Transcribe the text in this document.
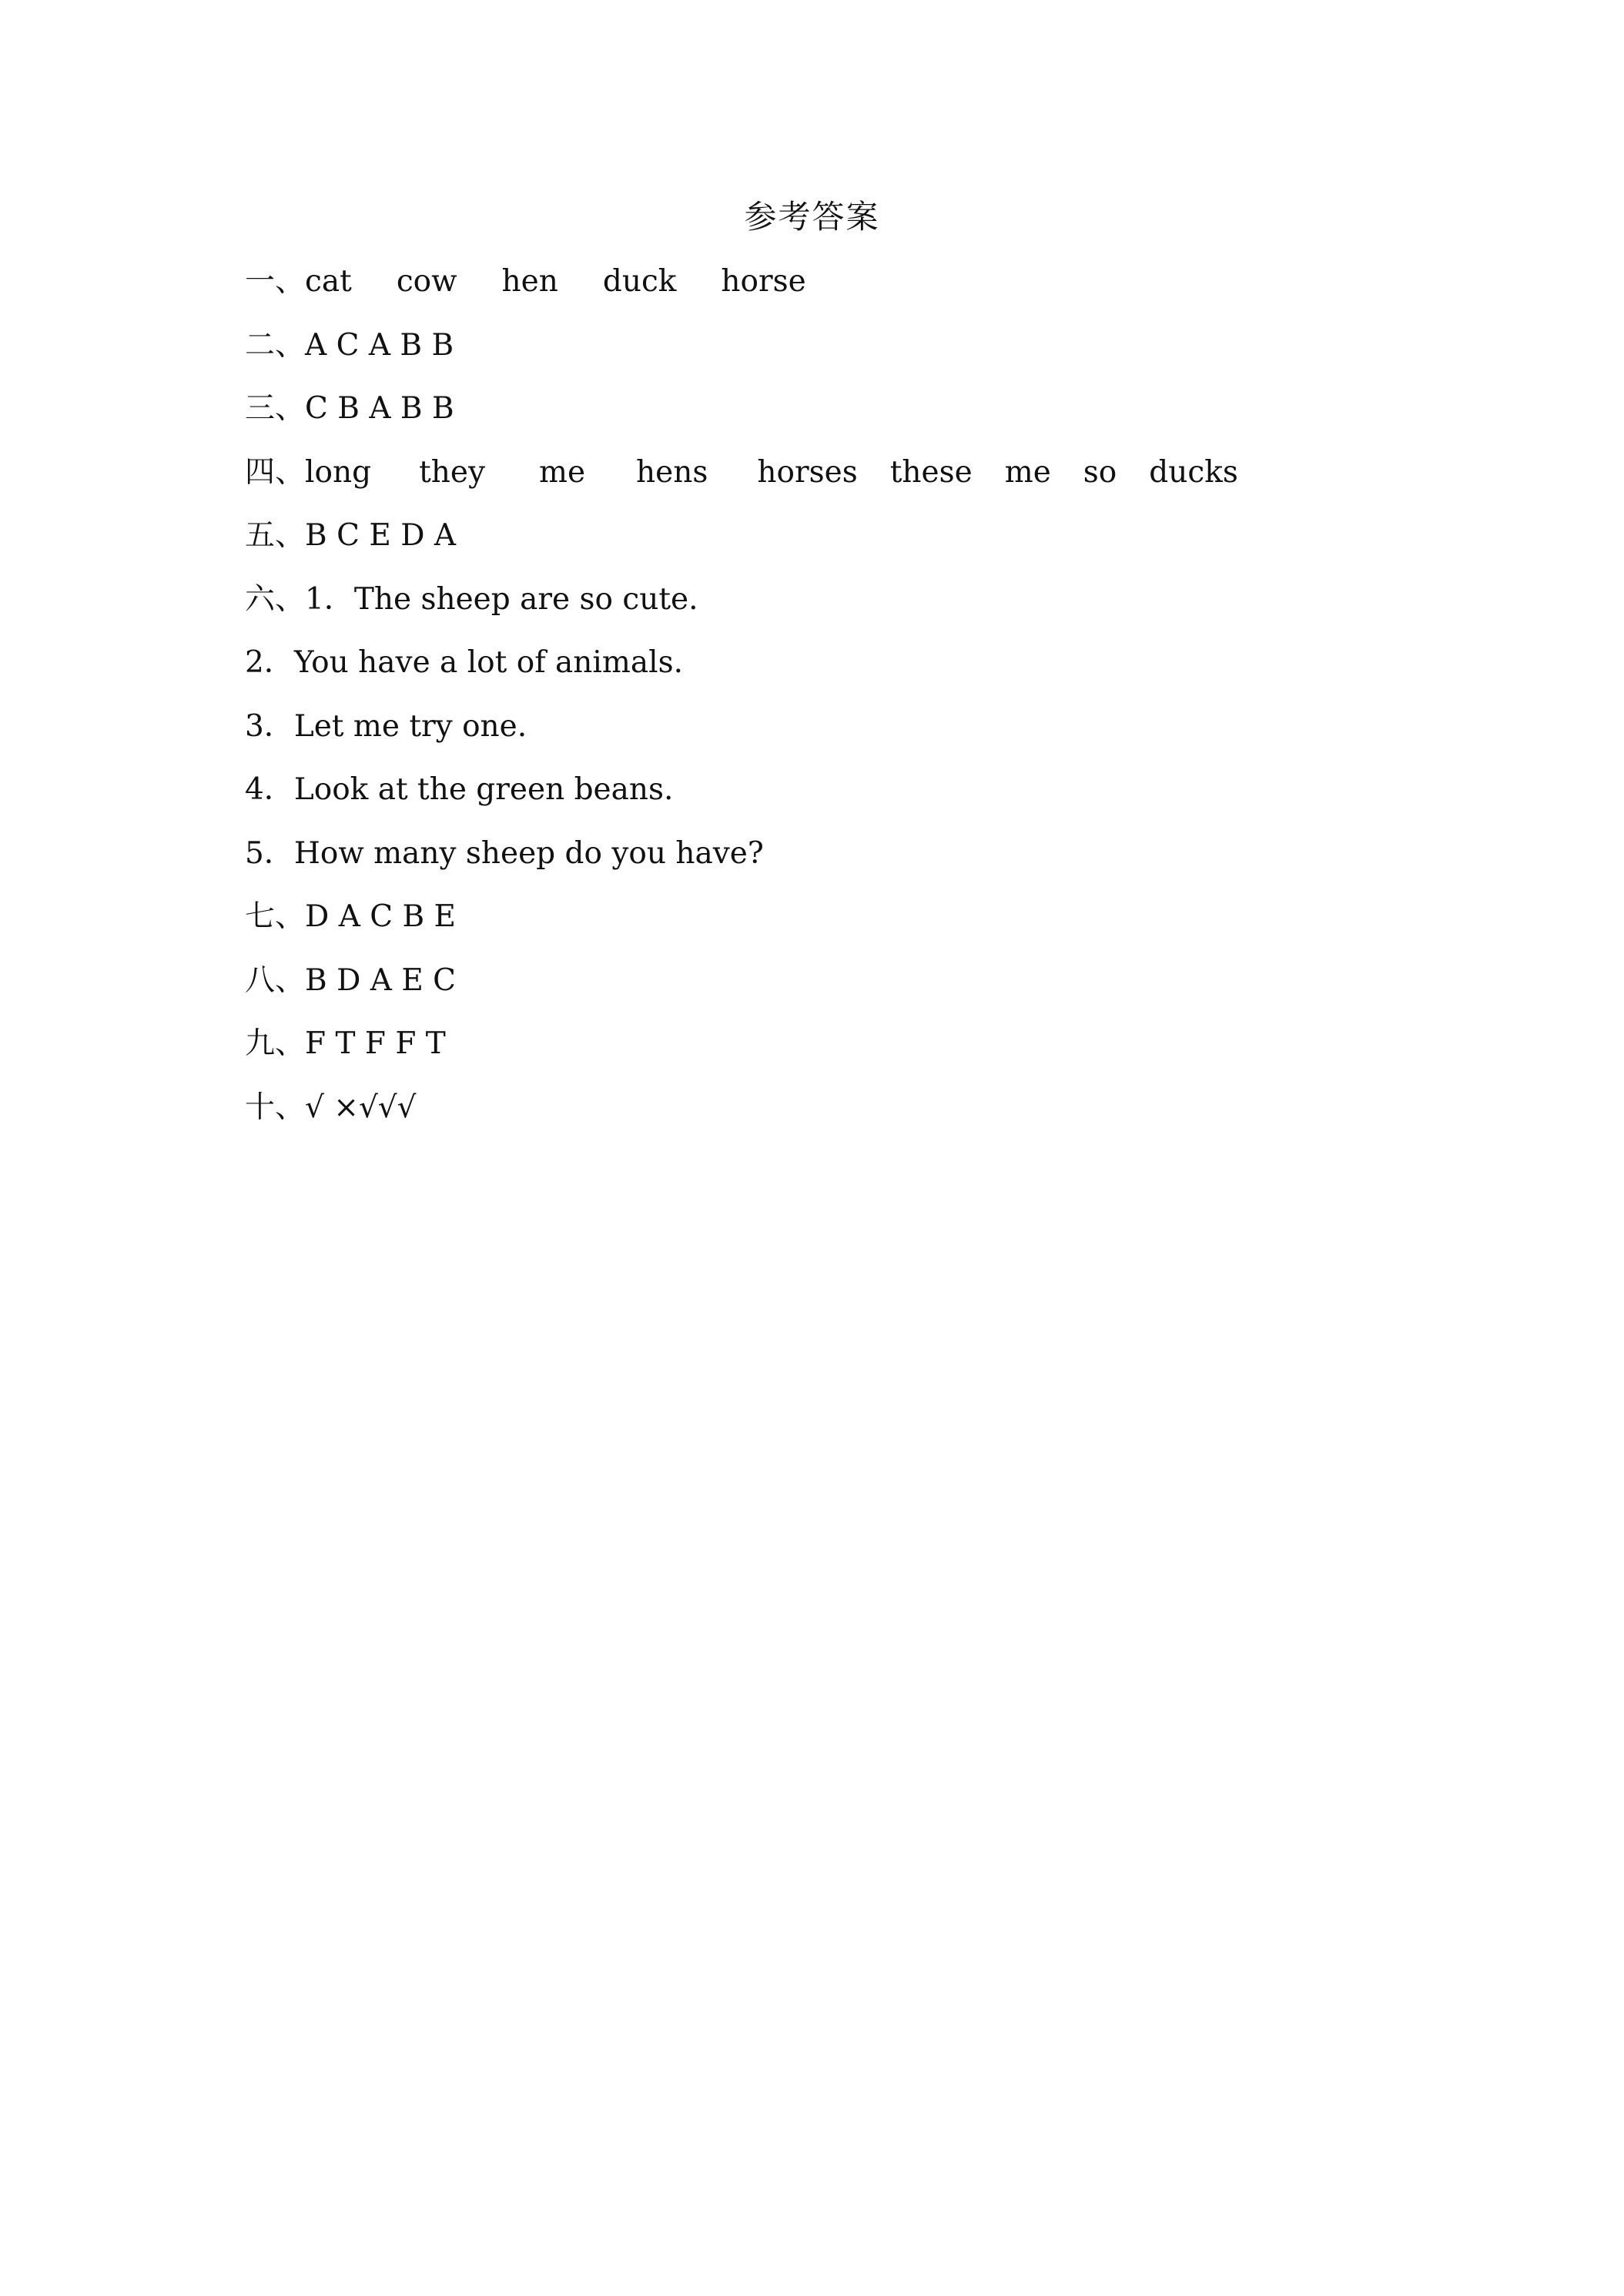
参考答案
一 、 cat cow hen duck horse
二 、 A C A B B
三 、 C B A B B
四 、 long they me hens horses these me so ducks
五 、 B C E D A
六 、 1． The sheep are so cute.
2． You have a lot of animals.
3． Let me try one.
4． Look at the green beans.
5． How many sheep do you have?
七 、 D A C B E
八 、 B D A E C
九 、 F T F F T
十 、 √ ×√√√
